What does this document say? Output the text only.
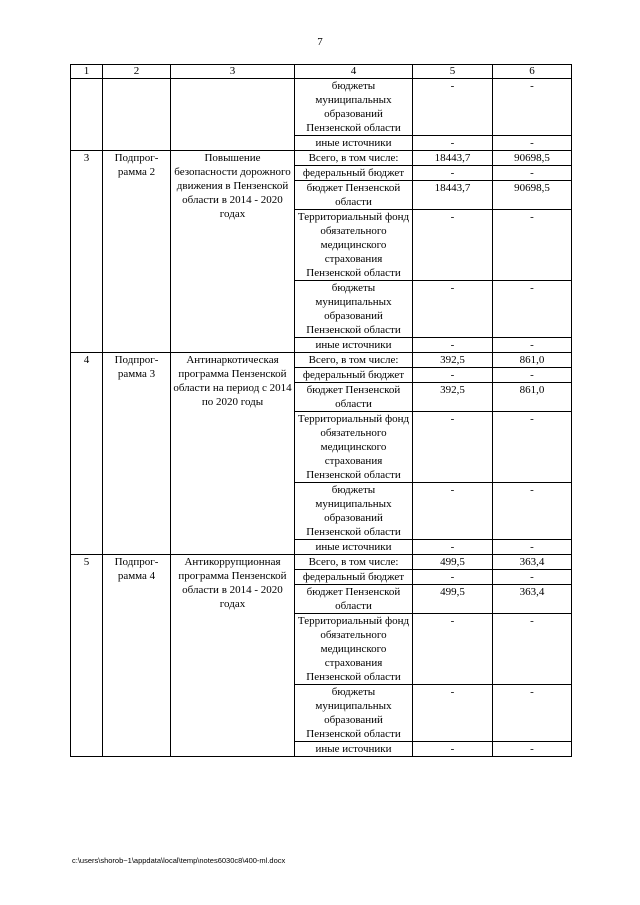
7
1	2	3	4	5	6
			бюджеты муниципальных образований Пензенской области	-	-
			иные источники	-	-
3	Подпрог-рамма 2	Повышение безопасности дорожного движения в Пензенской области в 2014 - 2020 годах	Всего, в том числе:	18443,7	90698,5
			федеральный бюджет	-	-
			бюджет Пензенской области	18443,7	90698,5
			Территориальный фонд обязательного медицинского страхования Пензенской области	-	-
			бюджеты муниципальных образований Пензенской области	-	-
			иные источники	-	-
4	Подпрог-рамма 3	Антинаркотическая программа Пензенской области на период с 2014 по 2020 годы	Всего, в том числе:	392,5	861,0
			федеральный бюджет	-	-
			бюджет Пензенской области	392,5	861,0
			Территориальный фонд обязательного медицинского страхования Пензенской области	-	-
			бюджеты муниципальных образований Пензенской области	-	-
			иные источники	-	-
5	Подпрог-рамма 4	Антикоррупционная программа Пензенской области в 2014 - 2020 годах	Всего, в том числе:	499,5	363,4
			федеральный бюджет	-	-
			бюджет Пензенской области	499,5	363,4
			Территориальный фонд обязательного медицинского страхования Пензенской области	-	-
			бюджеты муниципальных образований Пензенской области	-	-
			иные источники	-	-
c:\users\shorob~1\appdata\local\temp\notes6030c8\400-ml.docx
